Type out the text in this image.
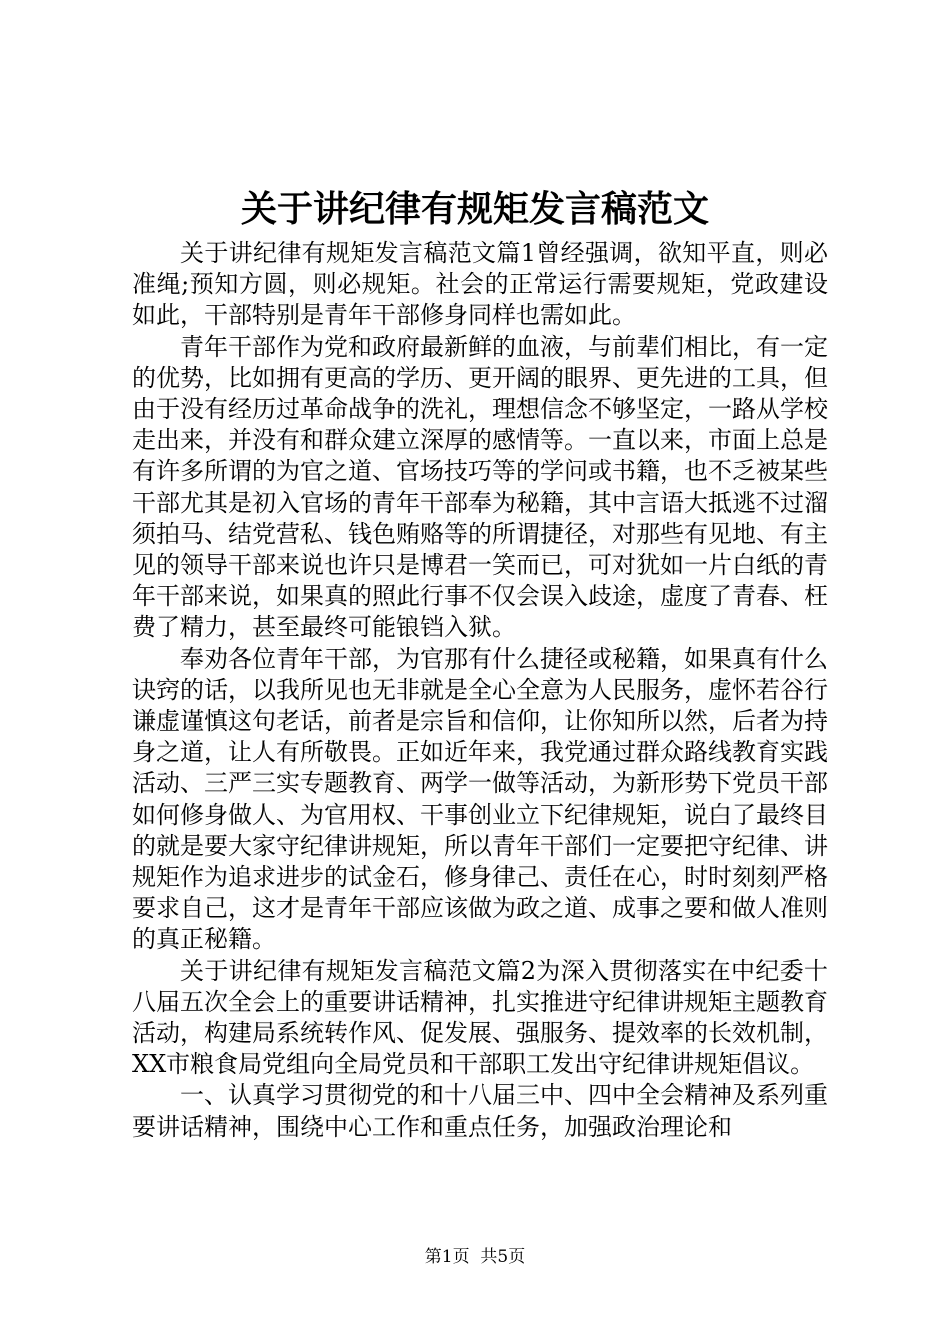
关于讲纪律有规矩发言稿范文

关于讲纪律有规矩发言稿范文篇1曾经强调，欲知平直，则必准绳;预知方圆，则必规矩。社会的正常运行需要规矩，党政建设如此，干部特别是青年干部修身同样也需如此。

青年干部作为党和政府最新鲜的血液，与前辈们相比，有一定的优势，比如拥有更高的学历、更开阔的眼界、更先进的工具，但由于没有经历过革命战争的洗礼，理想信念不够坚定，一路从学校走出来，并没有和群众建立深厚的感情等。一直以来，市面上总是有许多所谓的为官之道、官场技巧等的学问或书籍，也不乏被某些干部尤其是初入官场的青年干部奉为秘籍，其中言语大抵逃不过溜须拍马、结党营私、钱色贿赂等的所谓捷径，对那些有见地、有主见的领导干部来说也许只是博君一笑而已，可对犹如一片白纸的青年干部来说，如果真的照此行事不仅会误入歧途，虚度了青春、枉费了精力，甚至最终可能锒铛入狱。

奉劝各位青年干部，为官那有什么捷径或秘籍，如果真有什么诀窍的话，以我所见也无非就是全心全意为人民服务，虚怀若谷行谦虚谨慎这句老话，前者是宗旨和信仰，让你知所以然，后者为持身之道，让人有所敬畏。正如近年来，我党通过群众路线教育实践活动、三严三实专题教育、两学一做等活动，为新形势下党员干部如何修身做人、为官用权、干事创业立下纪律规矩，说白了最终目的就是要大家守纪律讲规矩，所以青年干部们一定要把守纪律、讲规矩作为追求进步的试金石，修身律己、责任在心，时时刻刻严格要求自己，这才是青年干部应该做为政之道、成事之要和做人准则的真正秘籍。

关于讲纪律有规矩发言稿范文篇2为深入贯彻落实在中纪委十八届五次全会上的重要讲话精神，扎实推进守纪律讲规矩主题教育活动，构建局系统转作风、促发展、强服务、提效率的长效机制，XX市粮食局党组向全局党员和干部职工发出守纪律讲规矩倡议。

一、认真学习贯彻党的和十八届三中、四中全会精神及系列重要讲话精神，围绕中心工作和重点任务，加强政治理论和

第1页  共5页
